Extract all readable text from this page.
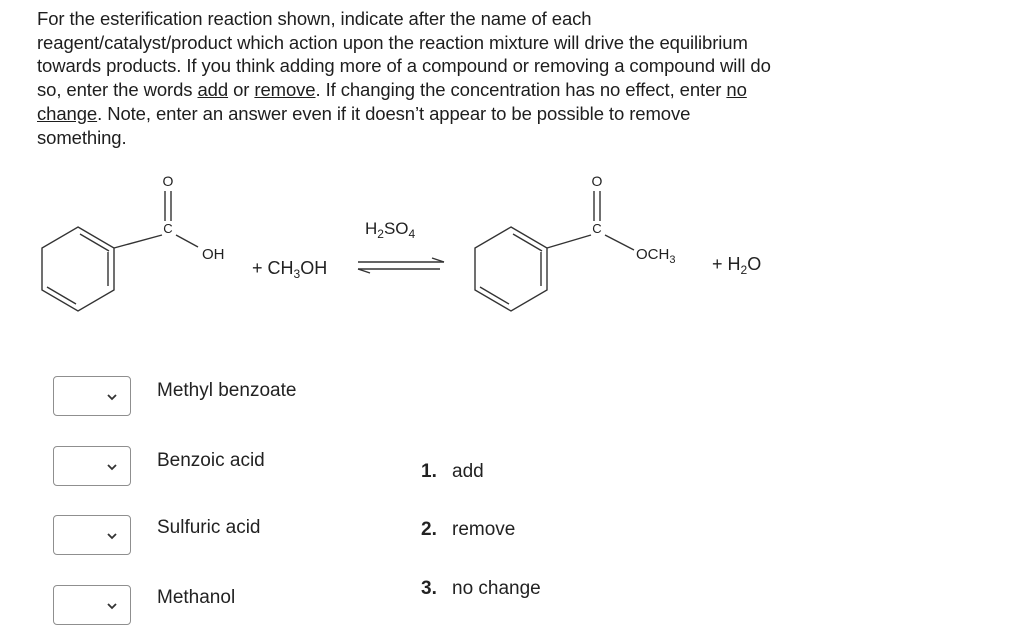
For the esterification reaction shown, indicate after the name of each reagent/catalyst/product which action upon the reaction mixture will drive the equilibrium towards products. If you think adding more of a compound or removing a compound will do so, enter the words add or remove. If changing the concentration has no effect, enter no change. Note, enter an answer even if it doesn’t appear to be possible to remove something.
O
C
OH
+ $CH_3OH$
$H_2SO_4$
O
C
$OCH_3 + H_2O$
Methyl benzoate
Benzoic acid
Sulfuric acid
Methanol
1. add
2. remove
3. no change
